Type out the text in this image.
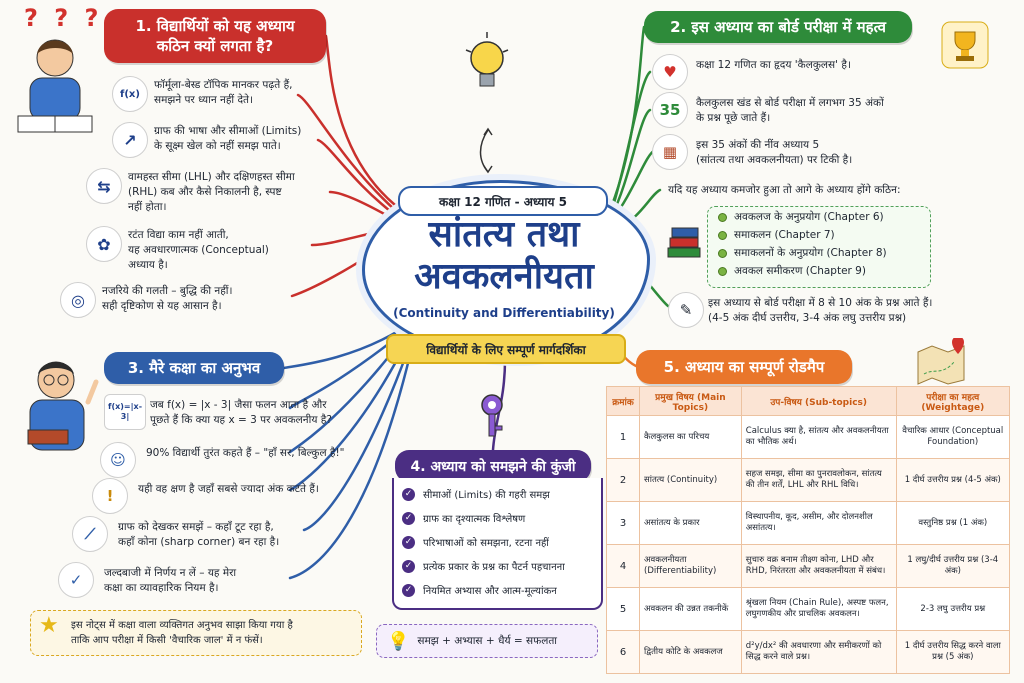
? ? ? 1. विद्यार्थियों को यह अध्याय
कठिन क्यों लगता है?
f(x)
फॉर्मूला-बेस्ड टॉपिक मानकर पढ़ते हैं,
समझने पर ध्यान नहीं देते।
↗	ग्राफ की भाषा और सीमाओं (Limits)
के सूक्ष्म खेल को नहीं समझ पाते।
⇆	वामहस्त सीमा (LHL) और दक्षिणहस्त सीमा
(RHL) कब और कैसे निकालनी है, स्पष्ट
नहीं होता।
✿	रटंत विद्या काम नहीं आती,
यह अवधारणात्मक (Conceptual)
अध्याय है।
◎	नजरिये की गलती – बुद्धि की नहीं।
सही दृष्टिकोण से यह आसान है।
2. इस अध्याय का बोर्ड परीक्षा में महत्व
♥	कक्षा 12 गणित का हृदय 'कैलकुलस' है।
35	कैलकुलस खंड से बोर्ड परीक्षा में लगभग 35 अंकों
के प्रश्न पूछे जाते हैं।
▦	इस 35 अंकों की नींव अध्याय 5
(सांतत्य तथा अवकलनीयता) पर टिकी है।
यदि यह अध्याय कमजोर हुआ तो आगे के अध्याय होंगे कठिन:
अवकलज के अनुप्रयोग (Chapter 6)
समाकलन (Chapter 7)
समाकलनों के अनुप्रयोग (Chapter 8)
अवकल समीकरण (Chapter 9)
✎	इस अध्याय से बोर्ड परीक्षा में 8 से 10 अंक के प्रश्न आते हैं।
(4-5 अंक दीर्घ उत्तरीय, 3-4 अंक लघु उत्तरीय प्रश्न)
कक्षा 12 गणित - अध्याय 5
सांतत्य तथा
अवकलनीयता
(Continuity and Differentiability)
विद्यार्थियों के लिए सम्पूर्ण मार्गदर्शिका
3. मैरे कक्षा का अनुभव
f(x)=|x-3|
जब f(x) = |x - 3| जैसा फलन आता है और
पूछते हैं कि क्या यह x = 3 पर अवकलनीय है?
☺	90% विद्यार्थी तुरंत कहते हैं – "हाँ सर, बिल्कुल है!"
!	यही वह क्षण है जहाँ सबसे ज्यादा अंक कटते हैं।
⟋	ग्राफ को देखकर समझें – कहाँ टूट रहा है,
कहाँ कोना (sharp corner) बन रहा है।
✓	जल्दबाजी में निर्णय न लें – यह मेरा
कक्षा का व्यावहारिक नियम है।
★ इस नोट्स में कक्षा वाला व्यक्तिगत अनुभव साझा किया गया है
ताकि आप परीक्षा में किसी 'वैचारिक जाल' में न फंसें।
4. अध्याय को समझने की कुंजी
✓ सीमाओं (Limits) की गहरी समझ
✓ ग्राफ का दृश्यात्मक विश्लेषण
✓ परिभाषाओं को समझना, रटना नहीं
✓ प्रत्येक प्रकार के प्रश्न का पैटर्न पहचानना
✓ नियमित अभ्यास और आत्म-मूल्यांकन
💡 समझ + अभ्यास + धैर्य = सफलता
5. अध्याय का सम्पूर्ण रोडमैप
क्रमांक	प्रमुख विषय (Main Topics)	उप-विषय (Sub-topics)	परीक्षा का महत्व (Weightage)
1	कैलकुलस का परिचय	Calculus क्या है, सांतत्य और अवकलनीयता का भौतिक अर्थ।	वैचारिक आधार (Conceptual Foundation)
2	सांतत्य (Continuity)	सहज समझ, सीमा का पुनरावलोकन, सांतत्य की तीन शर्तें, LHL और RHL विधि।	1 दीर्घ उत्तरीय प्रश्न (4-5 अंक)
3	असांतत्य के प्रकार	विस्थापनीय, कूद, असीम, और दोलनशील असांतत्य।	वस्तुनिष्ठ प्रश्न (1 अंक)
4	अवकलनीयता (Differentiability)	सुचारु वक्र बनाम तीक्ष्ण कोना, LHD और RHD, निरंतरता और अवकलनीयता में संबंध।	1 लघु/दीर्घ उत्तरीय प्रश्न (3-4 अंक)
5	अवकलन की उन्नत तकनीकें	श्रृंखला नियम (Chain Rule), अस्पष्ट फलन, लघुगणकीय और प्राचलिक अवकलन।	2-3 लघु उत्तरीय प्रश्न
6	द्वितीय कोटि के अवकलज	d²y/dx² की अवधारणा और समीकरणों को सिद्ध करने वाले प्रश्न।	1 दीर्घ उत्तरीय सिद्ध करने वाला प्रश्न (5 अंक)
